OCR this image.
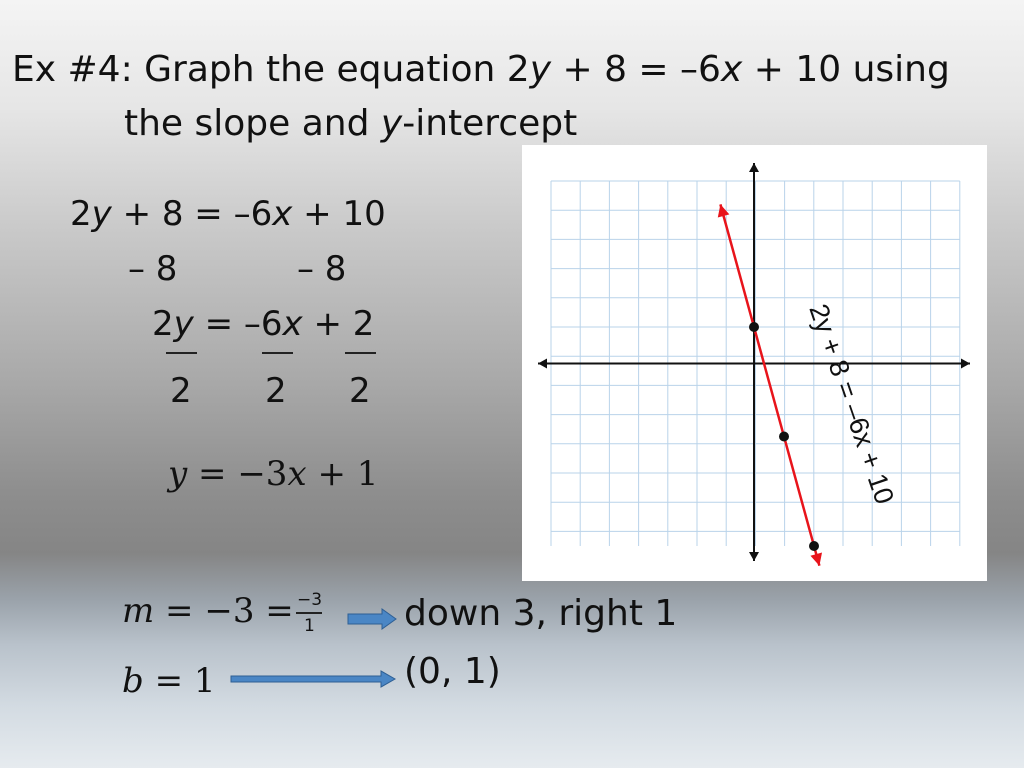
Ex #4: Graph the equation 2y + 8 = –6x + 10 using
the slope and y-intercept
2y + 8 = –6x + 10
– 8	– 8
2y = –6x + 2
2 2 2
y = −3x + 1
m = −3 = −3
1 down 3, right 1
b = 1	(0, 1)
2y + 8 = –6x + 10
